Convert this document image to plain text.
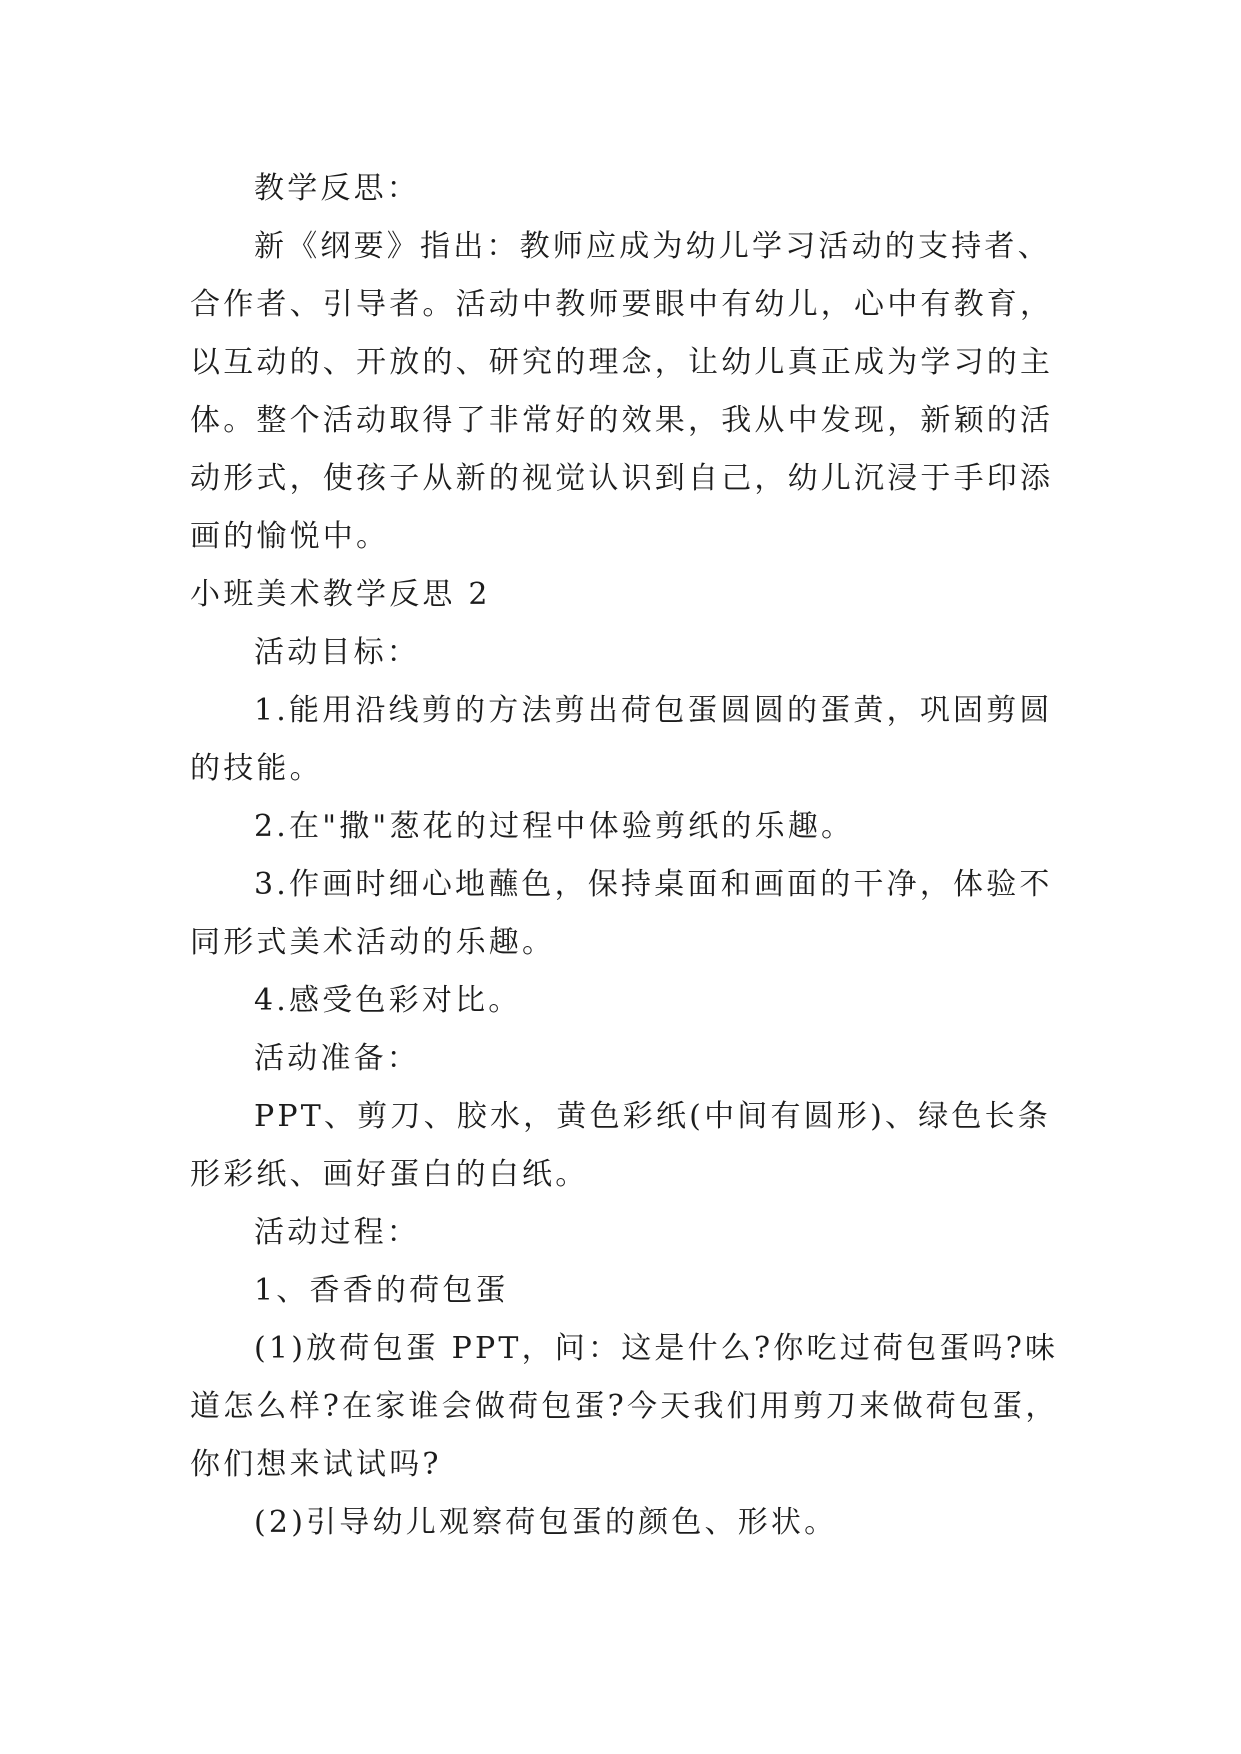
教学反思：

新《纲要》指出：教师应成为幼儿学习活动的支持者、合作者、引导者。活动中教师要眼中有幼儿，心中有教育，以互动的、开放的、研究的理念，让幼儿真正成为学习的主体。整个活动取得了非常好的效果，我从中发现，新颖的活动形式，使孩子从新的视觉认识到自己，幼儿沉浸于手印添画的愉悦中。

小班美术教学反思 2

活动目标：

1.能用沿线剪的方法剪出荷包蛋圆圆的蛋黄，巩固剪圆的技能。

2.在"撒"葱花的过程中体验剪纸的乐趣。

3.作画时细心地蘸色，保持桌面和画面的干净，体验不同形式美术活动的乐趣。

4.感受色彩对比。

活动准备：

PPT、剪刀、胶水，黄色彩纸(中间有圆形)、绿色长条形彩纸、画好蛋白的白纸。

活动过程：

1、香香的荷包蛋

(1)放荷包蛋 PPT，问：这是什么?你吃过荷包蛋吗?味道怎么样?在家谁会做荷包蛋?今天我们用剪刀来做荷包蛋，你们想来试试吗?

(2)引导幼儿观察荷包蛋的颜色、形状。
